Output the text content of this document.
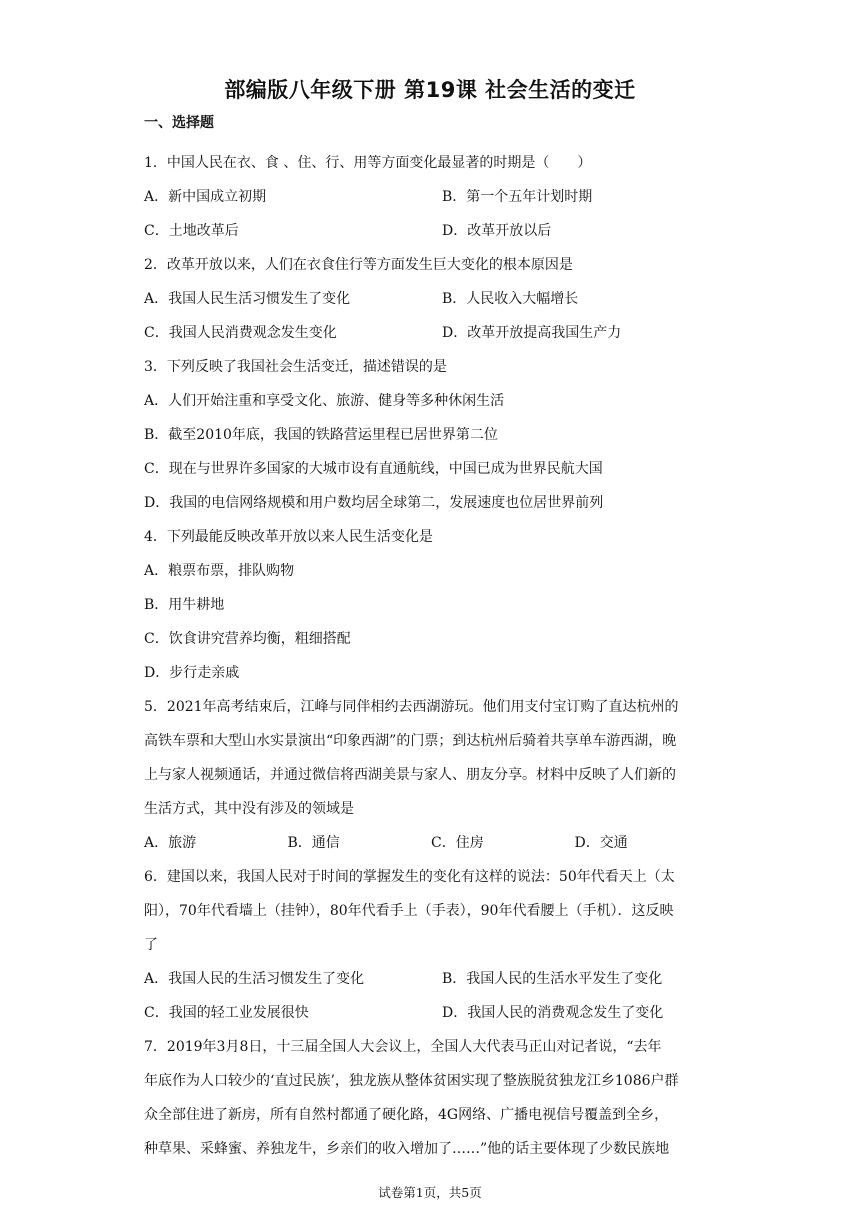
部编版八年级下册 第19课 社会生活的变迁
一、选择题
1．中国人民在衣、食 、住、行、用等方面变化最显著的时期是（　　）
A．新中国成立初期	B．第一个五年计划时期
C．土地改革后	D．改革开放以后
2．改革开放以来，人们在衣食住行等方面发生巨大变化的根本原因是
A．我国人民生活习惯发生了变化	B．人民收入大幅增长
C．我国人民消费观念发生变化	D．改革开放提高我国生产力
3．下列反映了我国社会生活变迁，描述错误的是
A．人们开始注重和享受文化、旅游、健身等多种休闲生活
B．截至2010年底，我国的铁路营运里程已居世界第二位
C．现在与世界许多国家的大城市设有直通航线，中国已成为世界民航大国
D．我国的电信网络规模和用户数均居全球第二，发展速度也位居世界前列
4．下列最能反映改革开放以来人民生活变化是
A．粮票布票，排队购物
B．用牛耕地
C．饮食讲究营养均衡，粗细搭配
D．步行走亲戚
5．2021年高考结束后，江峰与同伴相约去西湖游玩。他们用支付宝订购了直达杭州的
高铁车票和大型山水实景演出“印象西湖”的门票；到达杭州后骑着共享单车游西湖，晚
上与家人视频通话，并通过微信将西湖美景与家人、朋友分享。材料中反映了人们新的
生活方式，其中没有涉及的领域是
A．旅游	B．通信	C．住房	D．交通
6．建国以来，我国人民对于时间的掌握发生的变化有这样的说法：50年代看天上（太
阳），70年代看墙上（挂钟），80年代看手上（手表），90年代看腰上（手机）．这反映
了
A．我国人民的生活习惯发生了变化	B．我国人民的生活水平发生了变化
C．我国的轻工业发展很快	D．我国人民的消费观念发生了变化
7．2019年3月8日，十三届全国人大会议上，全国人大代表马正山对记者说，“去年
年底作为人口较少的‘直过民族’，独龙族从整体贫困实现了整族脱贫独龙江乡1086户群
众全部住进了新房，所有自然村都通了硬化路，4G网络、广播电视信号覆盖到全乡，
种草果、采蜂蜜、养独龙牛，乡亲们的收入增加了……”他的话主要体现了少数民族地
试卷第1页，共5页
